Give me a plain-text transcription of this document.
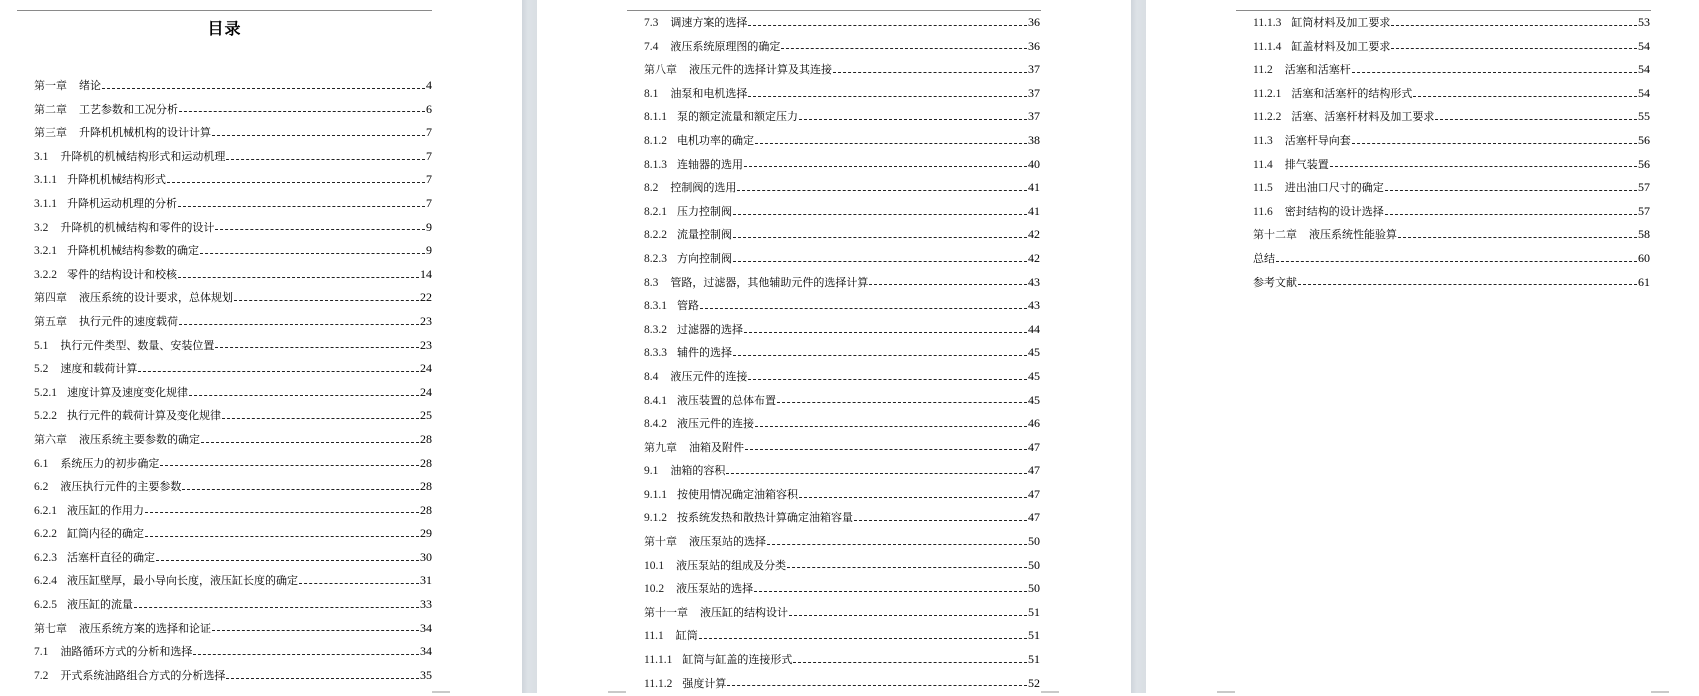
目录
第一章 绪论	4
第二章 工艺参数和工况分析	6
第三章 升降机机械机构的设计计算	7
3.1 升降机的机械结构形式和运动机理	7
3.1.1 升降机机械结构形式	7
3.1.1 升降机运动机理的分析	7
3.2 升降机的机械结构和零件的设计	9
3.2.1 升降机机械结构参数的确定	9
3.2.2 零件的结构设计和校核	14
第四章 液压系统的设计要求，总体规划	22
第五章 执行元件的速度载荷	23
5.1 执行元件类型、数量、安装位置	23
5.2 速度和载荷计算	24
5.2.1 速度计算及速度变化规律	24
5.2.2 执行元件的载荷计算及变化规律	25
第六章 液压系统主要参数的确定	28
6.1 系统压力的初步确定	28
6.2 液压执行元件的主要参数	28
6.2.1 液压缸的作用力	28
6.2.2 缸筒内径的确定	29
6.2.3 活塞杆直径的确定	30
6.2.4 液压缸壁厚，最小导向长度，液压缸长度的确定	31
6.2.5 液压缸的流量	33
第七章 液压系统方案的选择和论证	34
7.1 油路循环方式的分析和选择	34
7.2 开式系统油路组合方式的分析选择	35
7.3 调速方案的选择	36
7.4 液压系统原理图的确定	36
第八章 液压元件的选择计算及其连接	37
8.1 油泵和电机选择	37
8.1.1 泵的额定流量和额定压力	37
8.1.2 电机功率的确定	38
8.1.3 连轴器的选用	40
8.2 控制阀的选用	41
8.2.1 压力控制阀	41
8.2.2 流量控制阀	42
8.2.3 方向控制阀	42
8.3 管路，过滤器，其他辅助元件的选择计算	43
8.3.1 管路	43
8.3.2 过滤器的选择	44
8.3.3 辅件的选择	45
8.4 液压元件的连接	45
8.4.1 液压装置的总体布置	45
8.4.2 液压元件的连接	46
第九章 油箱及附件	47
9.1 油箱的容积	47
9.1.1 按使用情况确定油箱容积	47
9.1.2 按系统发热和散热计算确定油箱容量	47
第十章 液压泵站的选择	50
10.1 液压泵站的组成及分类	50
10.2 液压泵站的选择	50
第十一章 液压缸的结构设计	51
11.1 缸筒	51
11.1.1 缸筒与缸盖的连接形式	51
11.1.2 强度计算	52
11.1.3 缸筒材料及加工要求	53
11.1.4 缸盖材料及加工要求	54
11.2 活塞和活塞杆	54
11.2.1 活塞和活塞杆的结构形式	54
11.2.2 活塞、活塞杆材料及加工要求	55
11.3 活塞杆导向套	56
11.4 排气装置	56
11.5 进出油口尺寸的确定	57
11.6 密封结构的设计选择	57
第十二章 液压系统性能验算	58
总结	60
参考文献	61
